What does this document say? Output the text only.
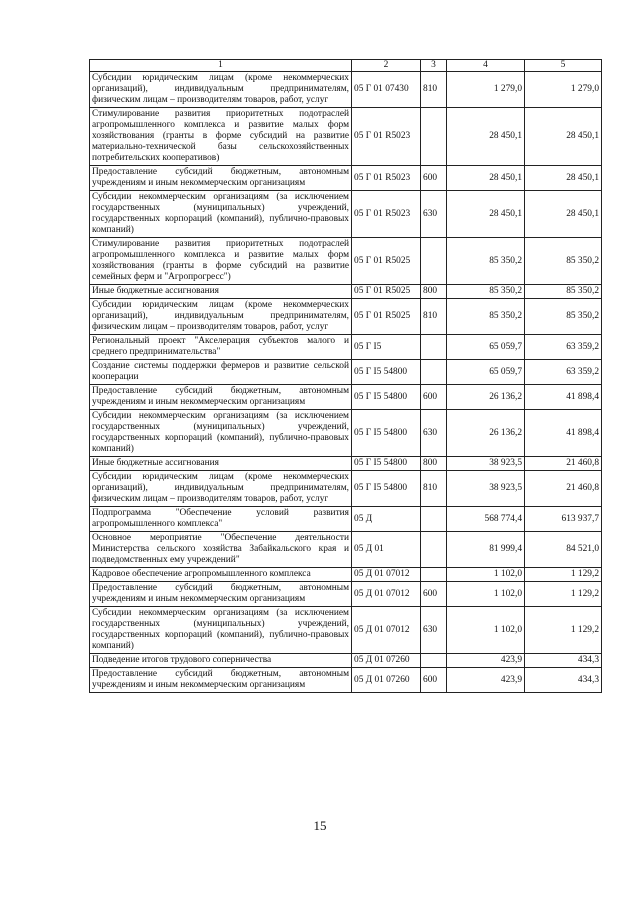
1	2	3	4	5
Субсидии юридическим лицам (кроме некоммерческих организаций), индивидуальным предпринимателям, физическим лицам – производителям товаров, работ, услуг	05 Г 01 07430	810	1 279,0	1 279,0
Стимулирование развития приоритетных подотраслей агропромышленного комплекса и развитие малых форм хозяйствования (гранты в форме субсидий на развитие материально-технической базы сельскохозяйственных потребительских кооперативов)	05 Г 01 R5023		28 450,1	28 450,1
Предоставление субсидий бюджетным, автономным учреждениям и иным некоммерческим организациям	05 Г 01 R5023	600	28 450,1	28 450,1
Субсидии некоммерческим организациям (за исключением государственных (муниципальных) учреждений, государственных корпораций (компаний), публично-правовых компаний)	05 Г 01 R5023	630	28 450,1	28 450,1
Стимулирование развития приоритетных подотраслей агропромышленного комплекса и развитие малых форм хозяйствования (гранты в форме субсидий на развитие семейных ферм и "Агропрогресс")	05 Г 01 R5025		85 350,2	85 350,2
Иные бюджетные ассигнования	05 Г 01 R5025	800	85 350,2	85 350,2
Субсидии юридическим лицам (кроме некоммерческих организаций), индивидуальным предпринимателям, физическим лицам – производителям товаров, работ, услуг	05 Г 01 R5025	810	85 350,2	85 350,2
Региональный проект "Акселерация субъектов малого и среднего предпринимательства"	05 Г I5		65 059,7	63 359,2
Создание системы поддержки фермеров и развитие сельской кооперации	05 Г I5 54800		65 059,7	63 359,2
Предоставление субсидий бюджетным, автономным учреждениям и иным некоммерческим организациям	05 Г I5 54800	600	26 136,2	41 898,4
Субсидии некоммерческим организациям (за исключением государственных (муниципальных) учреждений, государственных корпораций (компаний), публично-правовых компаний)	05 Г I5 54800	630	26 136,2	41 898,4
Иные бюджетные ассигнования	05 Г I5 54800	800	38 923,5	21 460,8
Субсидии юридическим лицам (кроме некоммерческих организаций), индивидуальным предпринимателям, физическим лицам – производителям товаров, работ, услуг	05 Г I5 54800	810	38 923,5	21 460,8
Подпрограмма "Обеспечение условий развития агропромышленного комплекса"	05 Д		568 774,4	613 937,7
Основное мероприятие "Обеспечение деятельности Министерства сельского хозяйства Забайкальского края и подведомственных ему учреждений"	05 Д 01		81 999,4	84 521,0
Кадровое обеспечение агропромышленного комплекса	05 Д 01 07012		1 102,0	1 129,2
Предоставление субсидий бюджетным, автономным учреждениям и иным некоммерческим организациям	05 Д 01 07012	600	1 102,0	1 129,2
Субсидии некоммерческим организациям (за исключением государственных (муниципальных) учреждений, государственных корпораций (компаний), публично-правовых компаний)	05 Д 01 07012	630	1 102,0	1 129,2
Подведение итогов трудового соперничества	05 Д 01 07260		423,9	434,3
Предоставление субсидий бюджетным, автономным учреждениям и иным некоммерческим организациям	05 Д 01 07260	600	423,9	434,3
15
